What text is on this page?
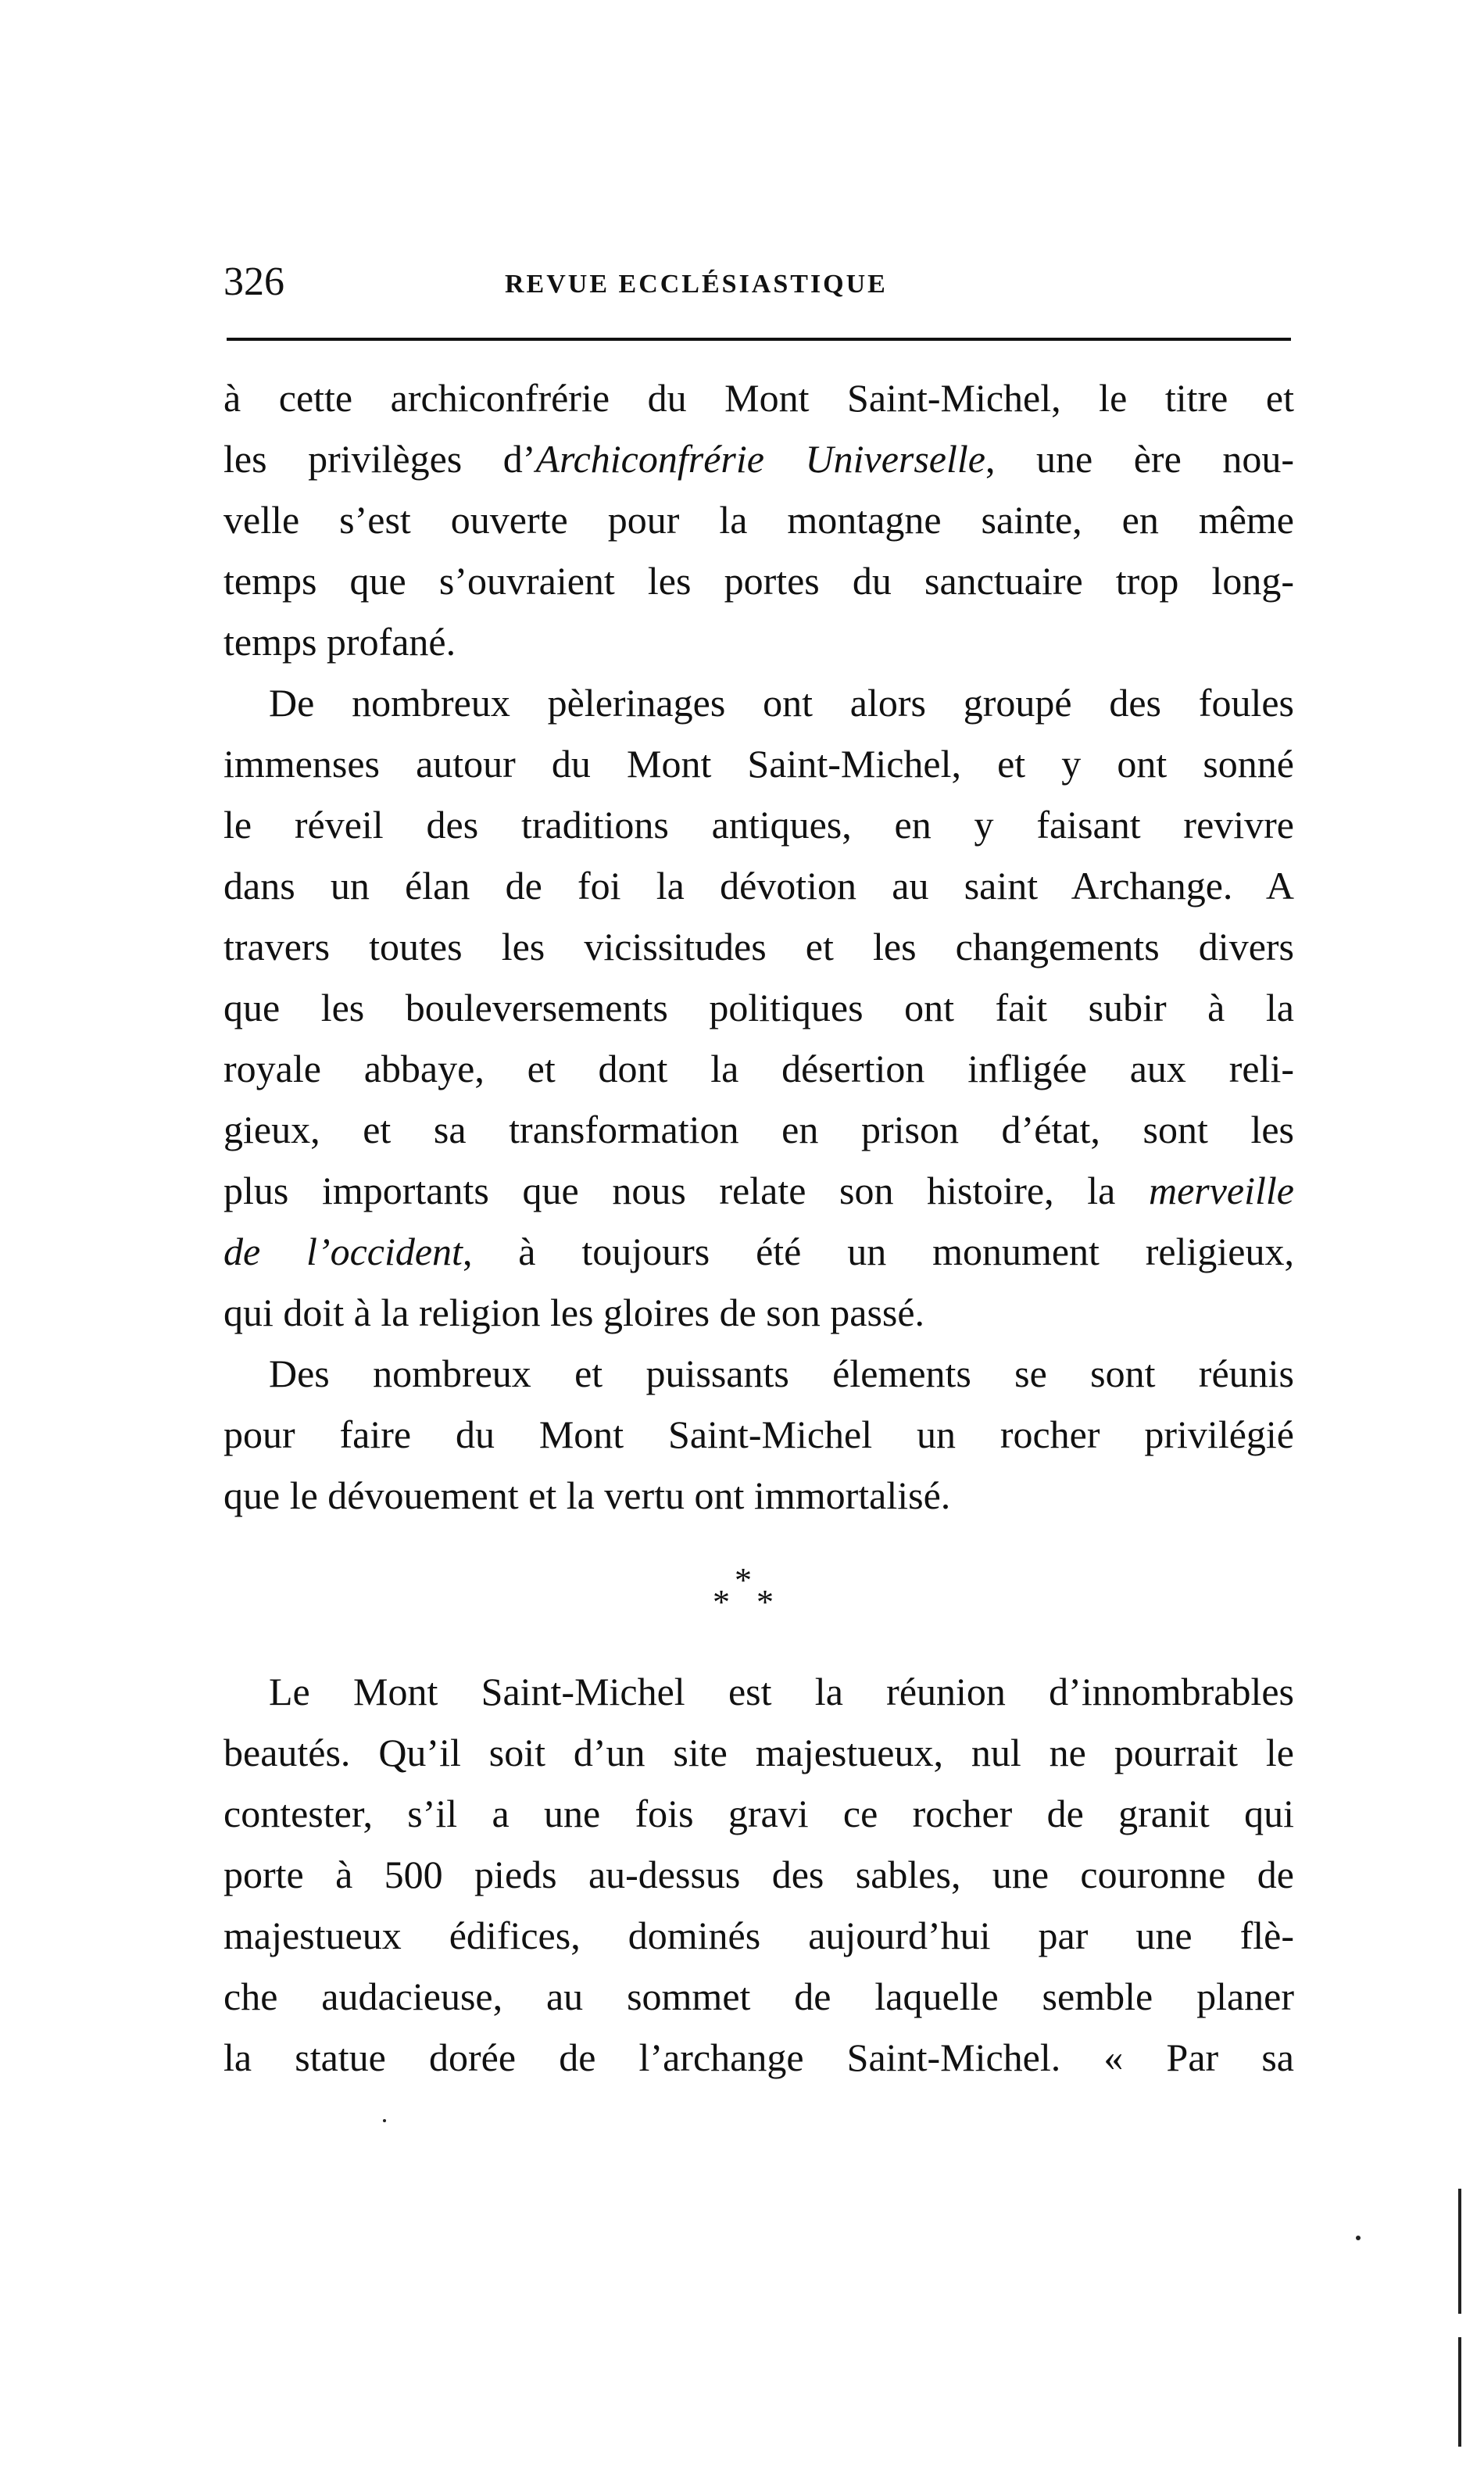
326	REVUE ECCLÉSIASTIQUE

à cette archiconfrérie du Mont Saint-Michel, le titre et
les privilèges d’Archiconfrérie Universelle, une ère nou-
velle s’est ouverte pour la montagne sainte, en même
temps que s’ouvraient les portes du sanctuaire trop long-
temps profané.

De nombreux pèlerinages ont alors groupé des foules
immenses autour du Mont Saint-Michel, et y ont sonné
le réveil des traditions antiques, en y faisant revivre
dans un élan de foi la dévotion au saint Archange. A
travers toutes les vicissitudes et les changements divers
que les bouleversements politiques ont fait subir à la
royale abbaye, et dont la désertion infligée aux reli-
gieux, et sa transformation en prison d’état, sont les
plus importants que nous relate son histoire, la merveille
de l’occident, à toujours été un monument religieux,
qui doit à la religion les gloires de son passé.

Des nombreux et puissants élements se sont réunis
pour faire du Mont Saint-Michel un rocher privilégié
que le dévouement et la vertu ont immortalisé.

*
* *

Le Mont Saint-Michel est la réunion d’innombrables
beautés. Qu’il soit d’un site majestueux, nul ne pourrait le
contester, s’il a une fois gravi ce rocher de granit qui
porte à 500 pieds au-dessus des sables, une couronne de
majestueux édifices, dominés aujourd’hui par une flè-
che audacieuse, au sommet de laquelle semble planer
la statue dorée de l’archange Saint-Michel. « Par sa
